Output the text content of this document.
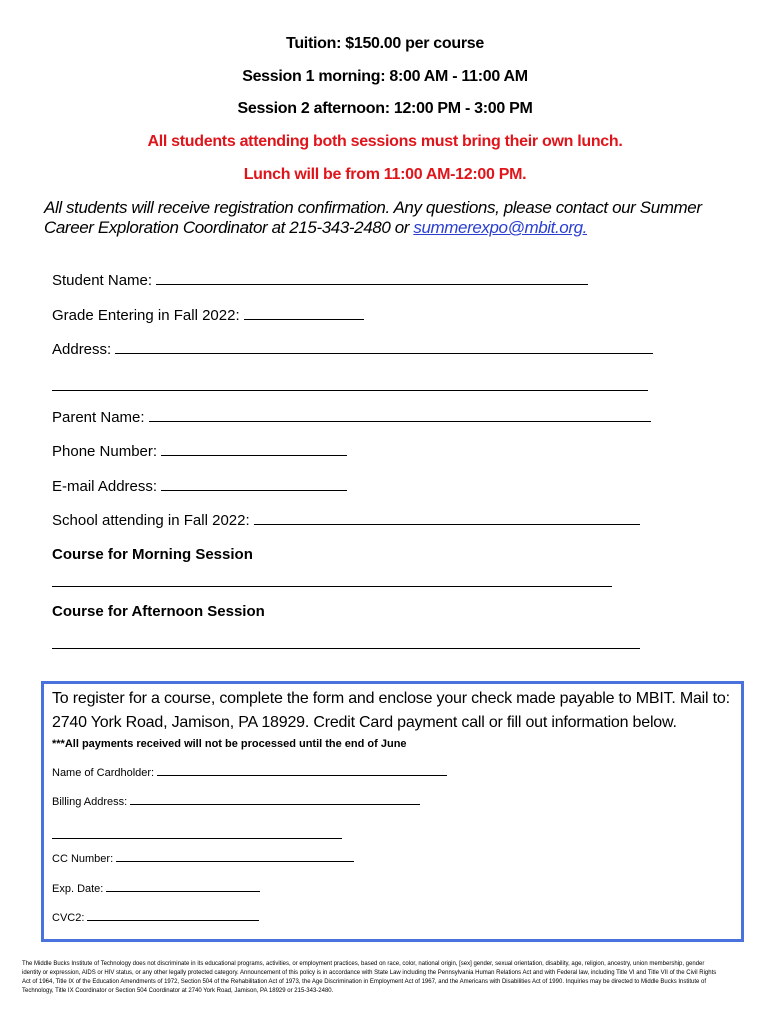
Tuition: $150.00 per course
Session 1 morning: 8:00 AM - 11:00 AM
Session 2 afternoon: 12:00 PM - 3:00 PM
All students attending both sessions must bring their own lunch.
Lunch will be from 11:00 AM-12:00 PM.
All students will receive registration confirmation. Any questions, please contact our Summer Career Exploration Coordinator at 215-343-2480 or summerexpo@mbit.org.
Student Name:
Grade Entering in Fall 2022:
Address:
Parent Name:
Phone Number:
E-mail Address:
School attending in Fall 2022:
Course for Morning Session
Course for Afternoon Session
To register for a course, complete the form and enclose your check made payable to MBIT. Mail to: 2740 York Road, Jamison, PA 18929. Credit Card payment call or fill out information below.
***All payments received will not be processed until the end of June
Name of Cardholder:
Billing Address:
CC Number:
Exp. Date:
CVC2:
The Middle Bucks Institute of Technology does not discriminate in its educational programs, activities, or employment practices, based on race, color, national origin, [sex] gender, sexual orientation, disability, age, religion, ancestry, union membership, gender identity or expression, AIDS or HIV status, or any other legally protected category. Announcement of this policy is in accordance with State Law including the Pennsylvania Human Relations Act and with Federal law, including Title VI and Title VII of the Civil Rights Act of 1964, Title IX of the Education Amendments of 1972, Section 504 of the Rehabilitation Act of 1973, the Age Discrimination in Employment Act of 1967, and the Americans with Disabilities Act of 1990. Inquiries may be directed to Middle Bucks Institute of Technology, Title IX Coordinator or Section 504 Coordinator at 2740 York Road, Jamison, PA 18929 or 215-343-2480.
